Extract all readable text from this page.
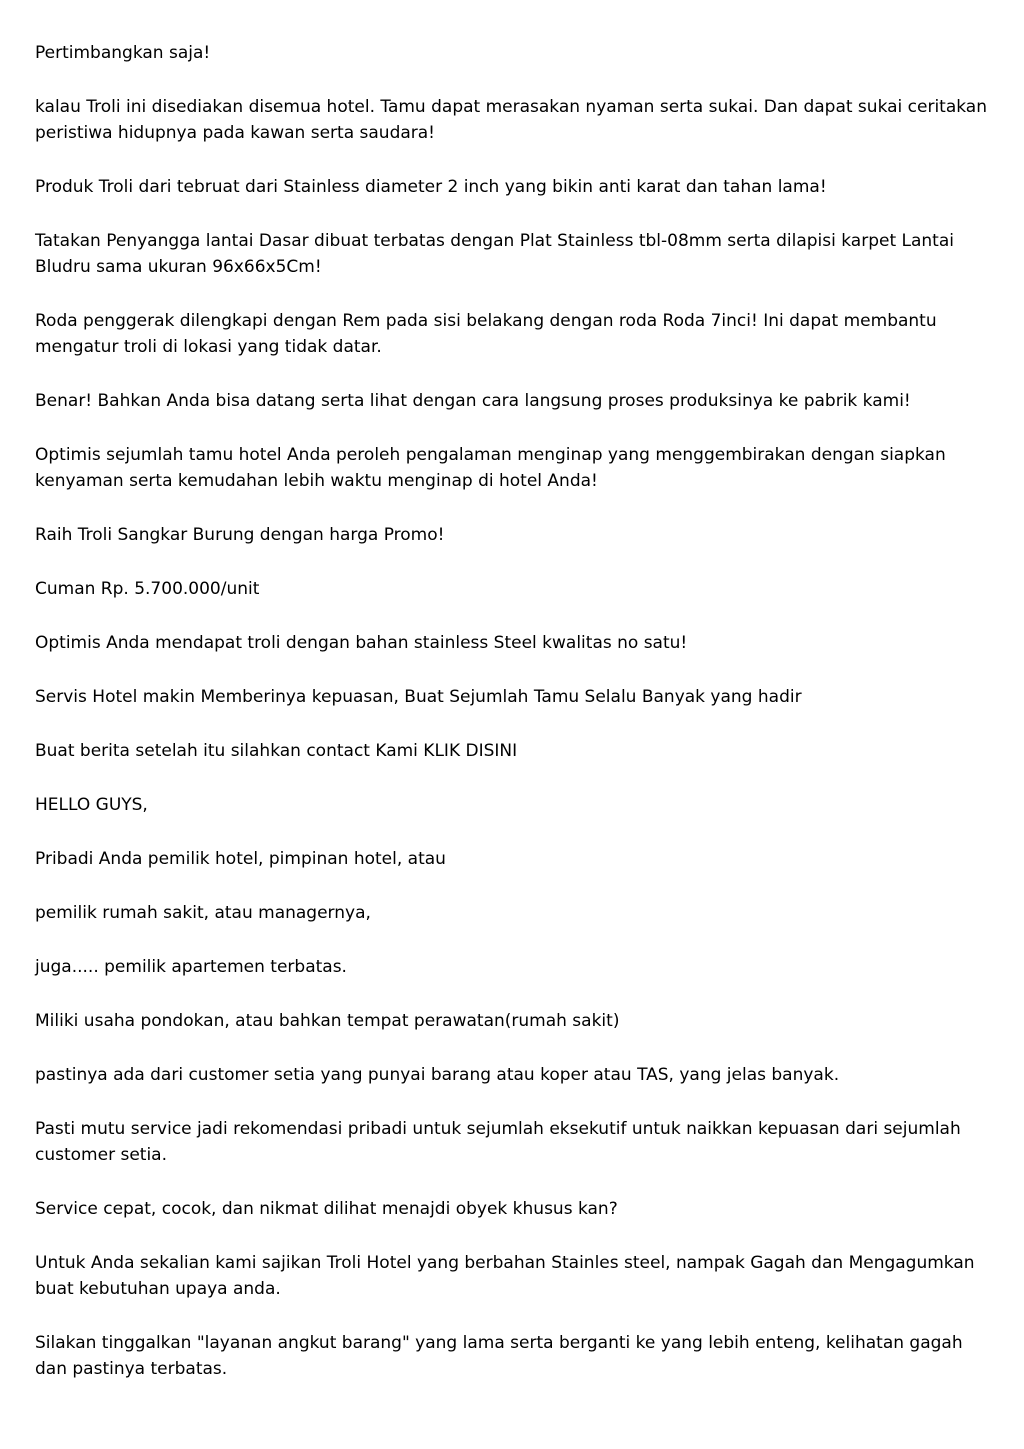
Pertimbangkan saja!

kalau Troli ini disediakan disemua hotel. Tamu dapat merasakan nyaman serta sukai. Dan dapat sukai ceritakan peristiwa hidupnya pada kawan serta saudara!

Produk Troli dari tebruat dari Stainless diameter 2 inch yang bikin anti karat dan tahan lama!

Tatakan Penyangga lantai Dasar dibuat terbatas dengan Plat Stainless tbl-08mm serta dilapisi karpet Lantai Bludru sama ukuran 96x66x5Cm!

Roda penggerak dilengkapi dengan Rem pada sisi belakang dengan roda Roda 7inci! Ini dapat membantu mengatur troli di lokasi yang tidak datar.

Benar! Bahkan Anda bisa datang serta lihat dengan cara langsung proses produksinya ke pabrik kami!

Optimis sejumlah tamu hotel Anda peroleh pengalaman menginap yang menggembirakan dengan siapkan kenyaman serta kemudahan lebih waktu menginap di hotel Anda!

Raih Troli Sangkar Burung dengan harga Promo!

Cuman Rp. 5.700.000/unit

Optimis Anda mendapat troli dengan bahan stainless Steel kwalitas no satu!

Servis Hotel makin Memberinya kepuasan, Buat Sejumlah Tamu Selalu Banyak yang hadir

Buat berita setelah itu silahkan contact Kami KLIK DISINI

HELLO GUYS,

Pribadi Anda pemilik hotel, pimpinan hotel, atau

pemilik rumah sakit, atau managernya,

juga..... pemilik apartemen terbatas.

Miliki usaha pondokan, atau bahkan tempat perawatan(rumah sakit)

pastinya ada dari customer setia yang punyai barang atau koper atau TAS, yang jelas banyak.

Pasti mutu service jadi rekomendasi pribadi untuk sejumlah eksekutif untuk naikkan kepuasan dari sejumlah customer setia.

Service cepat, cocok, dan nikmat dilihat menajdi obyek khusus kan?

Untuk Anda sekalian kami sajikan Troli Hotel yang berbahan Stainles steel, nampak Gagah dan Mengagumkan buat kebutuhan upaya anda.

Silakan tinggalkan "layanan angkut barang" yang lama serta berganti ke yang lebih enteng, kelihatan gagah dan pastinya terbatas.
